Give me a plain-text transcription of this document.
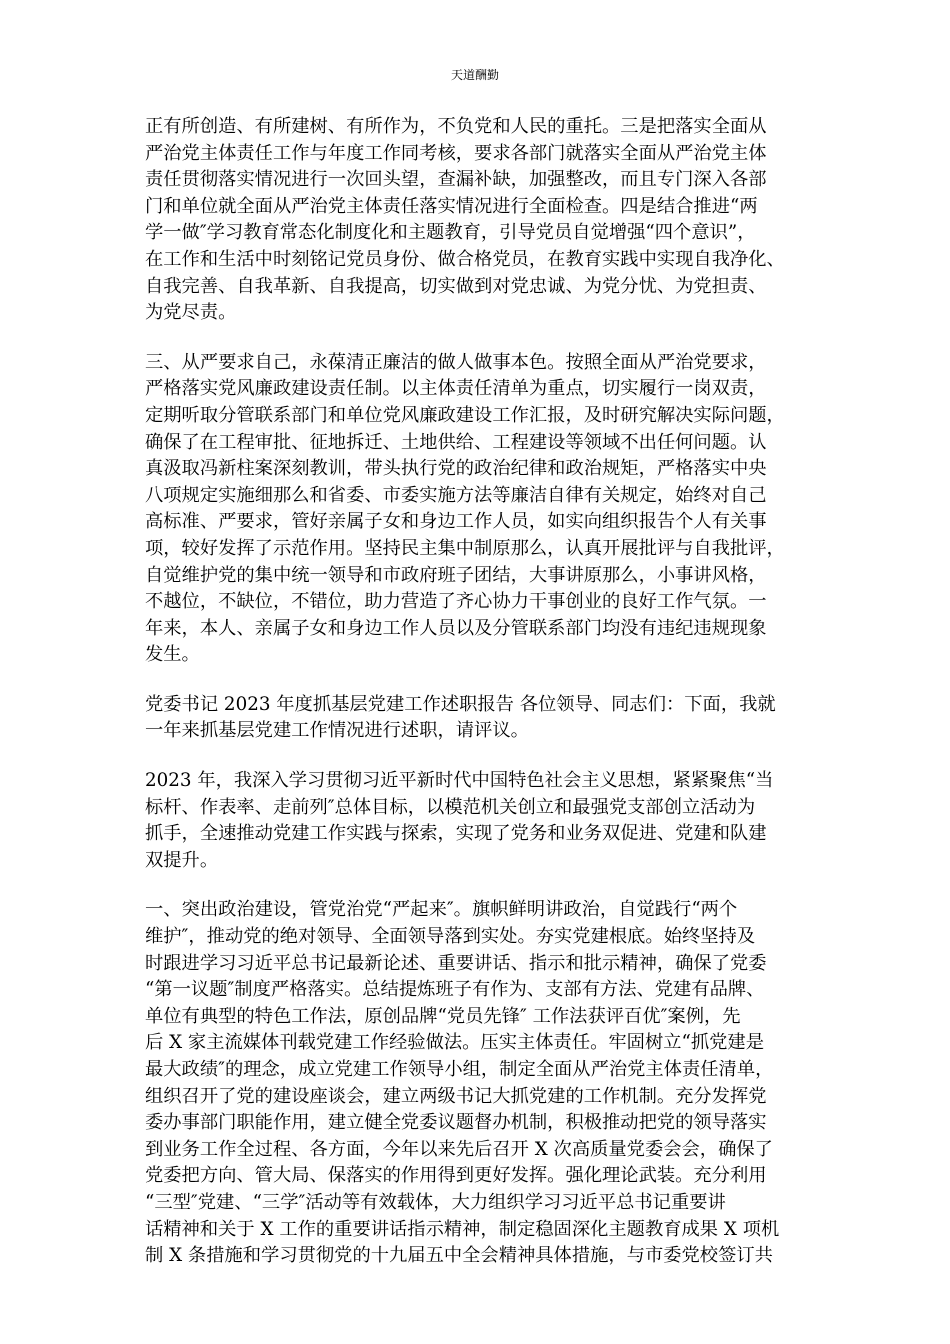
天道酬勤

正有所创造、有所建树、有所作为，不负党和人民的重托。三是把落实全面从
严治党主体责任工作与年度工作同考核，要求各部门就落实全面从严治党主体
责任贯彻落实情况进行一次回头望，查漏补缺，加强整改，而且专门深入各部
门和单位就全面从严治党主体责任落实情况进行全面检查。四是结合推进“两
学一做″学习教育常态化制度化和主题教育，引导党员自觉增强“四个意识”，
在工作和生活中时刻铭记党员身份、做合格党员，在教育实践中实现自我净化、
自我完善、自我革新、自我提高，切实做到对党忠诚、为党分忧、为党担责、
为党尽责。

三、从严要求自己，永葆清正廉洁的做人做事本色。按照全面从严治党要求，
严格落实党风廉政建设责任制。以主体责任清单为重点，切实履行一岗双责，
定期听取分管联系部门和单位党风廉政建设工作汇报，及时研究解决实际问题，
确保了在工程审批、征地拆迁、土地供给、工程建设等领域不出任何问题。认
真汲取冯新柱案深刻教训，带头执行党的政治纪律和政治规矩，严格落实中央
八项规定实施细那么和省委、市委实施方法等廉洁自律有关规定，始终对自己
高标准、严要求，管好亲属子女和身边工作人员，如实向组织报告个人有关事
项，较好发挥了示范作用。坚持民主集中制原那么，认真开展批评与自我批评，
自觉维护党的集中统一领导和市政府班子团结，大事讲原那么，小事讲风格，
不越位，不缺位，不错位，助力营造了齐心协力干事创业的良好工作气氛。一
年来，本人、亲属子女和身边工作人员以及分管联系部门均没有违纪违规现象
发生。

党委书记 2023 年度抓基层党建工作述职报告 各位领导、同志们：下面，我就
一年来抓基层党建工作情况进行述职，请评议。

2023 年，我深入学习贯彻习近平新时代中国特色社会主义思想，紧紧聚焦“当
标杆、作表率、走前列″总体目标，以模范机关创立和最强党支部创立活动为
抓手，全速推动党建工作实践与探索，实现了党务和业务双促进、党建和队建
双提升。

一、突出政治建设，管党治党“严起来″。旗帜鲜明讲政治，自觉践行“两个
维护″，推动党的绝对领导、全面领导落到实处。夯实党建根底。始终坚持及
时跟进学习习近平总书记最新论述、重要讲话、指示和批示精神，确保了党委
“第一议题″制度严格落实。总结提炼班子有作为、支部有方法、党建有品牌、
单位有典型的特色工作法，原创品牌“党员先锋″ 工作法获评百优″案例，先
后 X 家主流媒体刊载党建工作经验做法。压实主体责任。牢固树立“抓党建是
最大政绩″的理念，成立党建工作领导小组，制定全面从严治党主体责任清单，
组织召开了党的建设座谈会，建立两级书记大抓党建的工作机制。充分发挥党
委办事部门职能作用，建立健全党委议题督办机制，积极推动把党的领导落实
到业务工作全过程、各方面，今年以来先后召开 X 次高质量党委会会，确保了
党委把方向、管大局、保落实的作用得到更好发挥。强化理论武装。充分利用
“三型″党建、“三学″活动等有效载体，大力组织学习习近平总书记重要讲
话精神和关于 X 工作的重要讲话指示精神，制定稳固深化主题教育成果 X 项机
制 X 条措施和学习贯彻党的十九届五中全会精神具体措施，与市委党校签订共
